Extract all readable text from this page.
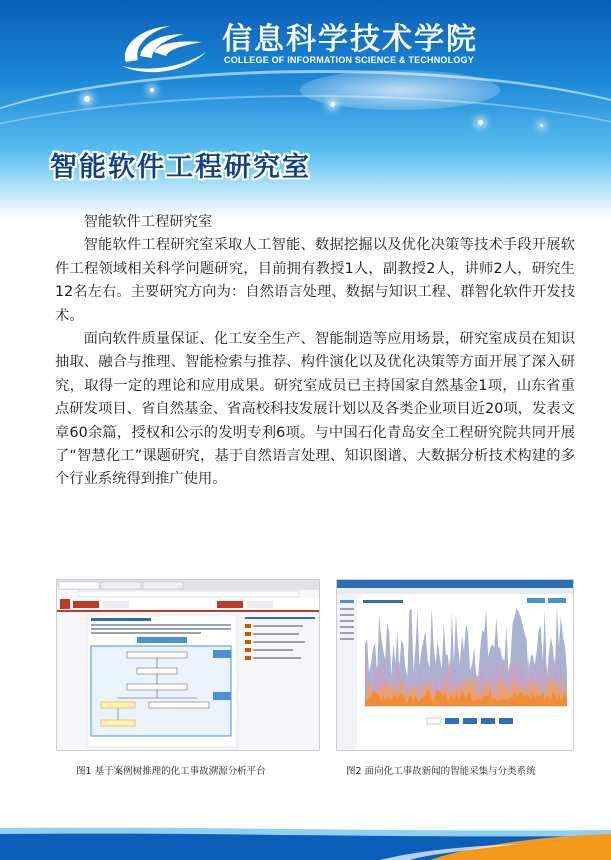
信息科学技术学院
COLLEGE OF INFORMATION SCIENCE & TECHNOLOGY
智能软件工程研究室

智能软件工程研究室

智能软件工程研究室采取人工智能、数据挖掘以及优化决策等技术手段开展软件工程领域相关科学问题研究，目前拥有教授1人，副教授2人，讲师2人，研究生12名左右。主要研究方向为：自然语言处理、数据与知识工程、群智化软件开发技术。

面向软件质量保证、化工安全生产、智能制造等应用场景，研究室成员在知识抽取、融合与推理、智能检索与推荐、构件演化以及优化决策等方面开展了深入研究，取得一定的理论和应用成果。研究室成员已主持国家自然基金1项，山东省重点研发项目、省自然基金、省高校科技发展计划以及各类企业项目近20项，发表文章60余篇，授权和公示的发明专利6项。与中国石化青岛安全工程研究院共同开展了“智慧化工”课题研究，基于自然语言处理、知识图谱、大数据分析技术构建的多个行业系统得到推广使用。

图1 基于案例树推理的化工事故溯源分析平台	图2 面向化工事故新闻的智能采集与分类系统
